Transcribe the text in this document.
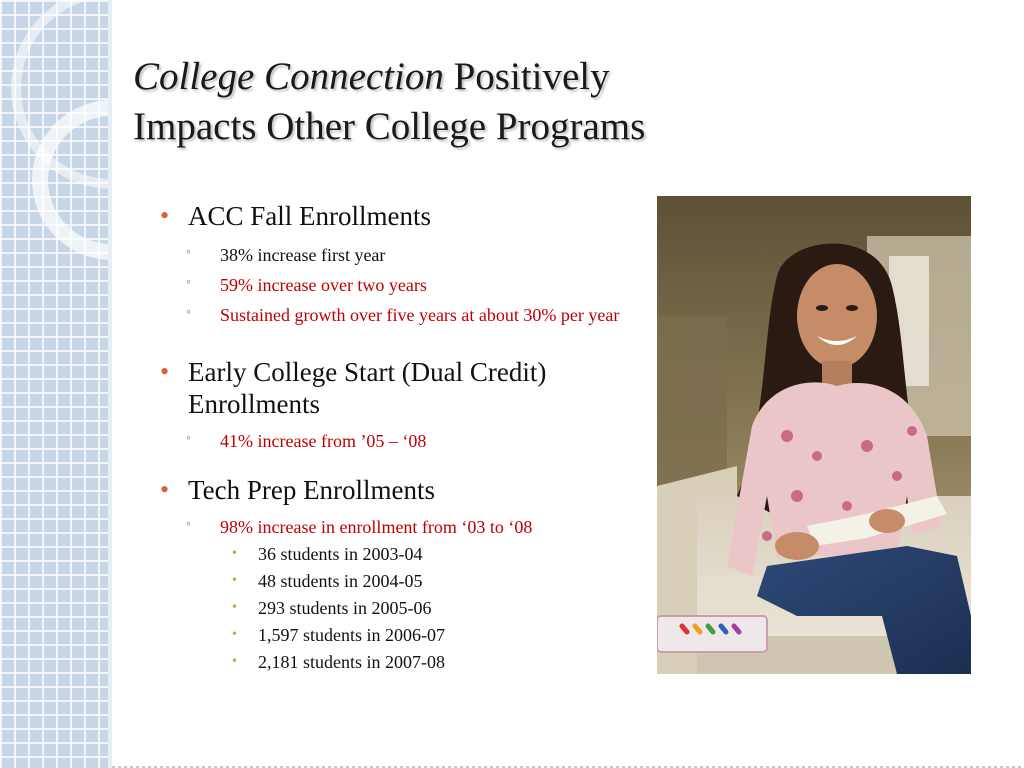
College Connection Positively
Impacts Other College Programs
• ACC Fall Enrollments
◦ 38% increase first year
◦ 59% increase over two years
◦ Sustained growth over five years at about 30% per year
• Early College Start (Dual Credit) Enrollments
◦ 41% increase from ’05 – ‘08
• Tech Prep Enrollments
◦ 98% increase in enrollment from ‘03 to ‘08
• 36 students in 2003-04
• 48 students in 2004-05
• 293 students in 2005-06
• 1,597 students in 2006-07
• 2,181 students in 2007-08
